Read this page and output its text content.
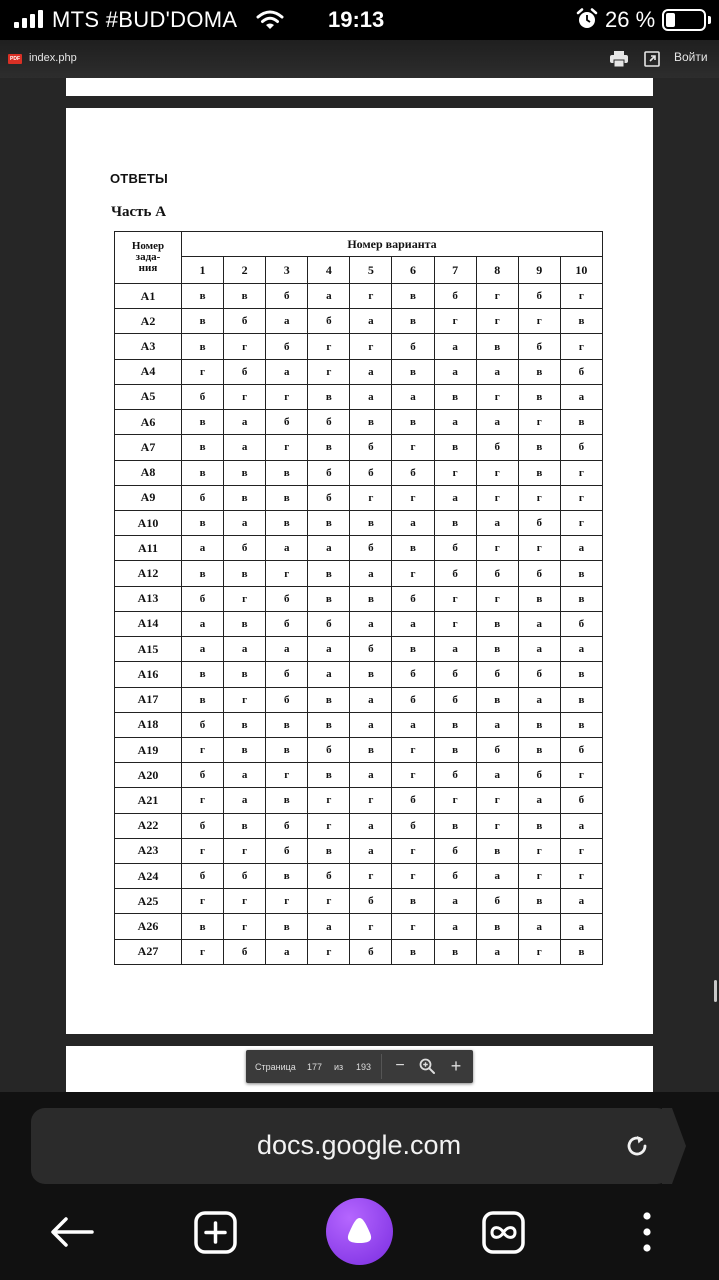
MTS #BUD'DOMA	19:13	26 %
PDF index.php	Войти
ОТВЕТЫ
Часть А
Номер
зада-
ния	Номер варианта									
	1	2	3	4	5	6	7	8	9	10
A1	в	в	б	а	г	в	б	г	б	г
A2	в	б	а	б	а	в	г	г	г	в
A3	в	г	б	г	г	б	а	в	б	г
A4	г	б	а	г	а	в	а	а	в	б
A5	б	г	г	в	а	а	в	г	в	а
A6	в	а	б	б	в	в	а	а	г	в
A7	в	а	г	в	б	г	в	б	в	б
A8	в	в	в	б	б	б	г	г	в	г
A9	б	в	в	б	г	г	а	г	г	г
A10	в	а	в	в	в	а	в	а	б	г
A11	а	б	а	а	б	в	б	г	г	а
A12	в	в	г	в	а	г	б	б	б	в
A13	б	г	б	в	в	б	г	г	в	в
A14	а	в	б	б	а	а	г	в	а	б
A15	а	а	а	а	б	в	а	в	а	а
A16	в	в	б	а	в	б	б	б	б	в
A17	в	г	б	в	а	б	б	в	а	в
A18	б	в	в	в	а	а	в	а	в	в
A19	г	в	в	б	в	г	в	б	в	б
A20	б	а	г	в	а	г	б	а	б	г
A21	г	а	в	г	г	б	г	г	а	б
A22	б	в	б	г	а	б	в	г	в	а
A23	г	г	б	в	а	г	б	в	г	г
A24	б	б	в	б	г	г	б	а	г	г
A25	г	г	г	г	б	в	а	б	в	а
A26	в	г	в	а	г	г	а	в	а	а
A27	г	б	а	г	б	в	в	а	г	в
Страница 177 из 193 −	+
docs.google.com
